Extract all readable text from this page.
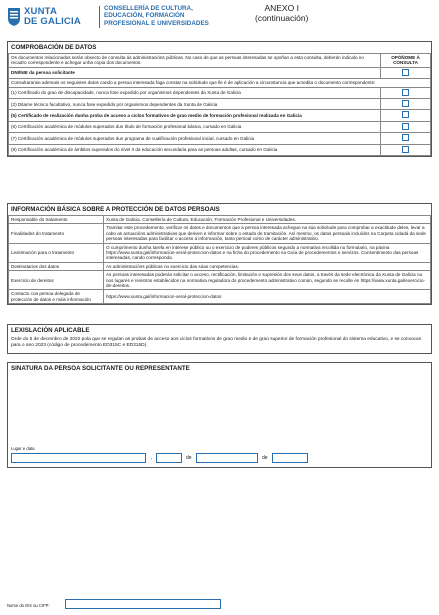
XUNTA
DE GALICIA
CONSELLERÍA DE CULTURA,
EDUCACIÓN, FORMACIÓN
PROFESIONAL E UNIVERSIDADES
ANEXO I
(continuación)
COMPROBACIÓN DE DATOS
Os documentos relacionados serán obxecto de consulta ás administracións públicas. No caso de que as persoas interesadas se opoñan a esta consulta, deberán indicalo no recadro correspondente e achegar unha copia dos documentos.	OPÓÑOME Á CONSULTA
DNI/NIE da persoa solicitante	
Consultaranse ademais os seguintes datos cando a persoa interesada faga constar na solicitude que lle é de aplicación a circunstancia que acredita o documento correspondente:	
(1) Certificado do grao de discapacidade, nunca fose expedido por organismos dependentes da Xunta de Galicia	
(2) Ditame técnico facultativo, nunca fose expedido por organismos dependentes da Xunta de Galicia	
(5) Certificado de realización dunha proba de acceso a ciclos formativos de grao medio de formación profesional realizada en Galicia	
(6) Certificación académica de módulos superados dun título de formación profesional básica, cursado en Galicia	
(7) Certificación académica de módulos superados dun programa de cualificación profesional inicial, cursado en Galicia	
(8) Certificación académica de ámbitos superados do nivel II da educación secundaria para as persoas adultas, cursado en Galicia	
INFORMACIÓN BÁSICA SOBRE A PROTECCIÓN DE DATOS PERSOAIS
Responsable do tratamento	Xunta de Galicia. Consellería de Cultura, Educación, Formación Profesional e Universidades.
Finalidades do tratamento	Tramitar este procedemento, verificar os datos e documentos que a persoa interesada achegue na súa solicitude para comprobar a exactitude deles, levar a cabo as actuacións administrativas que deriven e informar sobre o estado de tramitación. Así mesmo, os datos persoais incluídos na Carpeta cidadá da sede persoas interesadas para facilitar o acceso á información, tanto persoal como de carácter administrativo.
Lexitimación para o tratamento	O cumprimento dunha tarefa en interese público ou o exercicio de poderes públicos segundo a normativa recollida no formulario, na páxina https://www.xunta.gal/informacion-xeral-proteccion-datos e na ficha do procedemento na Guía de procedementos e servizos. Consentimento das persoas interesadas, cando corresponda.
Destinatarios dos datos	As administracións públicas no exercicio das súas competencias.
Exercicio de dereitos	As persoas interesadas poderán solicitar o acceso, rectificación, limitación e supresión dos seus datos, a través da sede electrónica da Xunta de Galicia ou nos lugares e rexistros establecidos na normativa reguladora do procedemento administrativo común, segundo se recolle en https://www.xunta.gal/exercicio-de-dereitos.
Contacto coa persoa delegada de protección de datos e máis información	https://www.xunta.gal/informacion-xeral-proteccion-datos
LEXISLACIÓN APLICABLE
Orde do 5 de decembro de 2022 pola que se regulan as probas de acceso aos ciclos formativos de grao medio e de grao superior de formación profesional do sistema educativo, e se convocan para o ano 2023 (código de procedemento ED315C e ED315D).
SINATURA DA PERSOA SOLICITANTE OU REPRESENTANTE
Lugar e data
,	de	de
Nome do IES ou CIFP:
